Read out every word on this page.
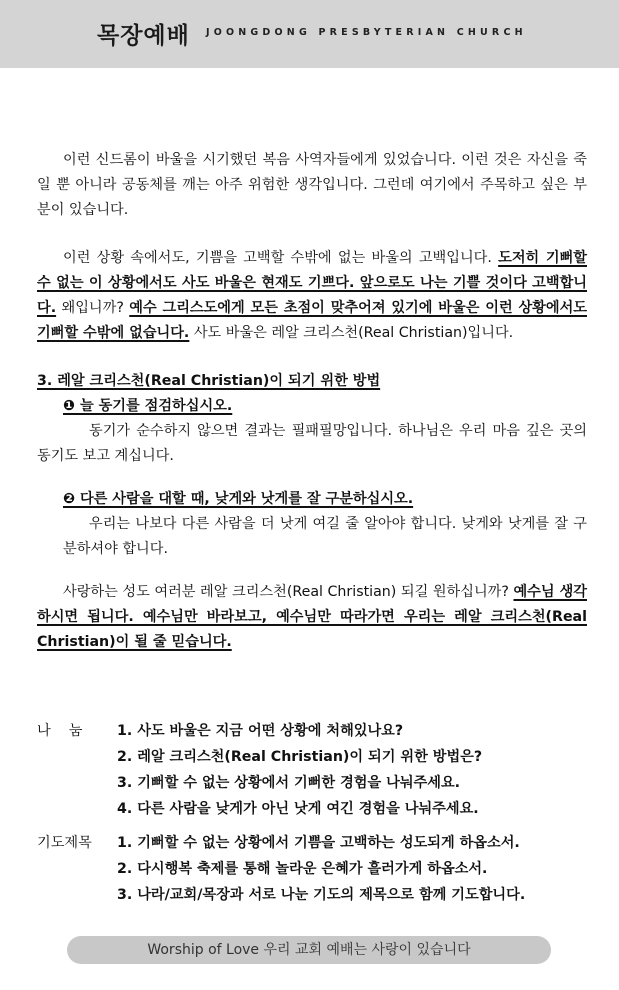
목장예배 JOONGDONG PRESBYTERIAN CHURCH

이런 신드롬이 바울을 시기했던 복음 사역자들에게 있었습니다. 이런 것은 자신을 죽일 뿐 아니라 공동체를 깨는 아주 위험한 생각입니다. 그런데 여기에서 주목하고 싶은 부분이 있습니다.

이런 상황 속에서도, 기쁨을 고백할 수밖에 없는 바울의 고백입니다. 도저히 기뻐할 수 없는 이 상황에서도 사도 바울은 현재도 기쁘다. 앞으로도 나는 기쁠 것이다 고백합니다. 왜입니까? 예수 그리스도에게 모든 초점이 맞추어져 있기에 바울은 이런 상황에서도 기뻐할 수밖에 없습니다. 사도 바울은 레알 크리스천(Real Christian)입니다.

3. 레알 크리스천(Real Christian)이 되기 위한 방법
❶ 늘 동기를 점검하십시오.

동기가 순수하지 않으면 결과는 필패필망입니다. 하나님은 우리 마음 깊은 곳의 동기도 보고 계십니다.

❷ 다른 사람을 대할 때, 낮게와 낫게를 잘 구분하십시오.

우리는 나보다 다른 사람을 더 낫게 여길 줄 알아야 합니다. 낮게와 낫게를 잘 구분하셔야 합니다.

사랑하는 성도 여러분 레알 크리스천(Real Christian) 되길 원하십니까? 예수님 생각하시면 됩니다. 예수님만 바라보고, 예수님만 따라가면 우리는 레알 크리스천(Real Christian)이 될 줄 믿습니다.

나    눔	1. 사도 바울은 지금 어떤 상황에 처해있나요?
2. 레알 크리스천(Real Christian)이 되기 위한 방법은?
3. 기뻐할 수 없는 상황에서 기뻐한 경험을 나눠주세요.
4. 다른 사람을 낮게가 아닌 낫게 여긴 경험을 나눠주세요.
기도제목	1. 기뻐할 수 없는 상황에서 기쁨을 고백하는 성도되게 하옵소서.
2. 다시행복 축제를 통해 놀라운 은혜가 흘러가게 하옵소서.
3. 나라/교회/목장과 서로 나눈 기도의 제목으로 함께 기도합니다.
Worship of Love 우리 교회 예배는 사랑이 있습니다
